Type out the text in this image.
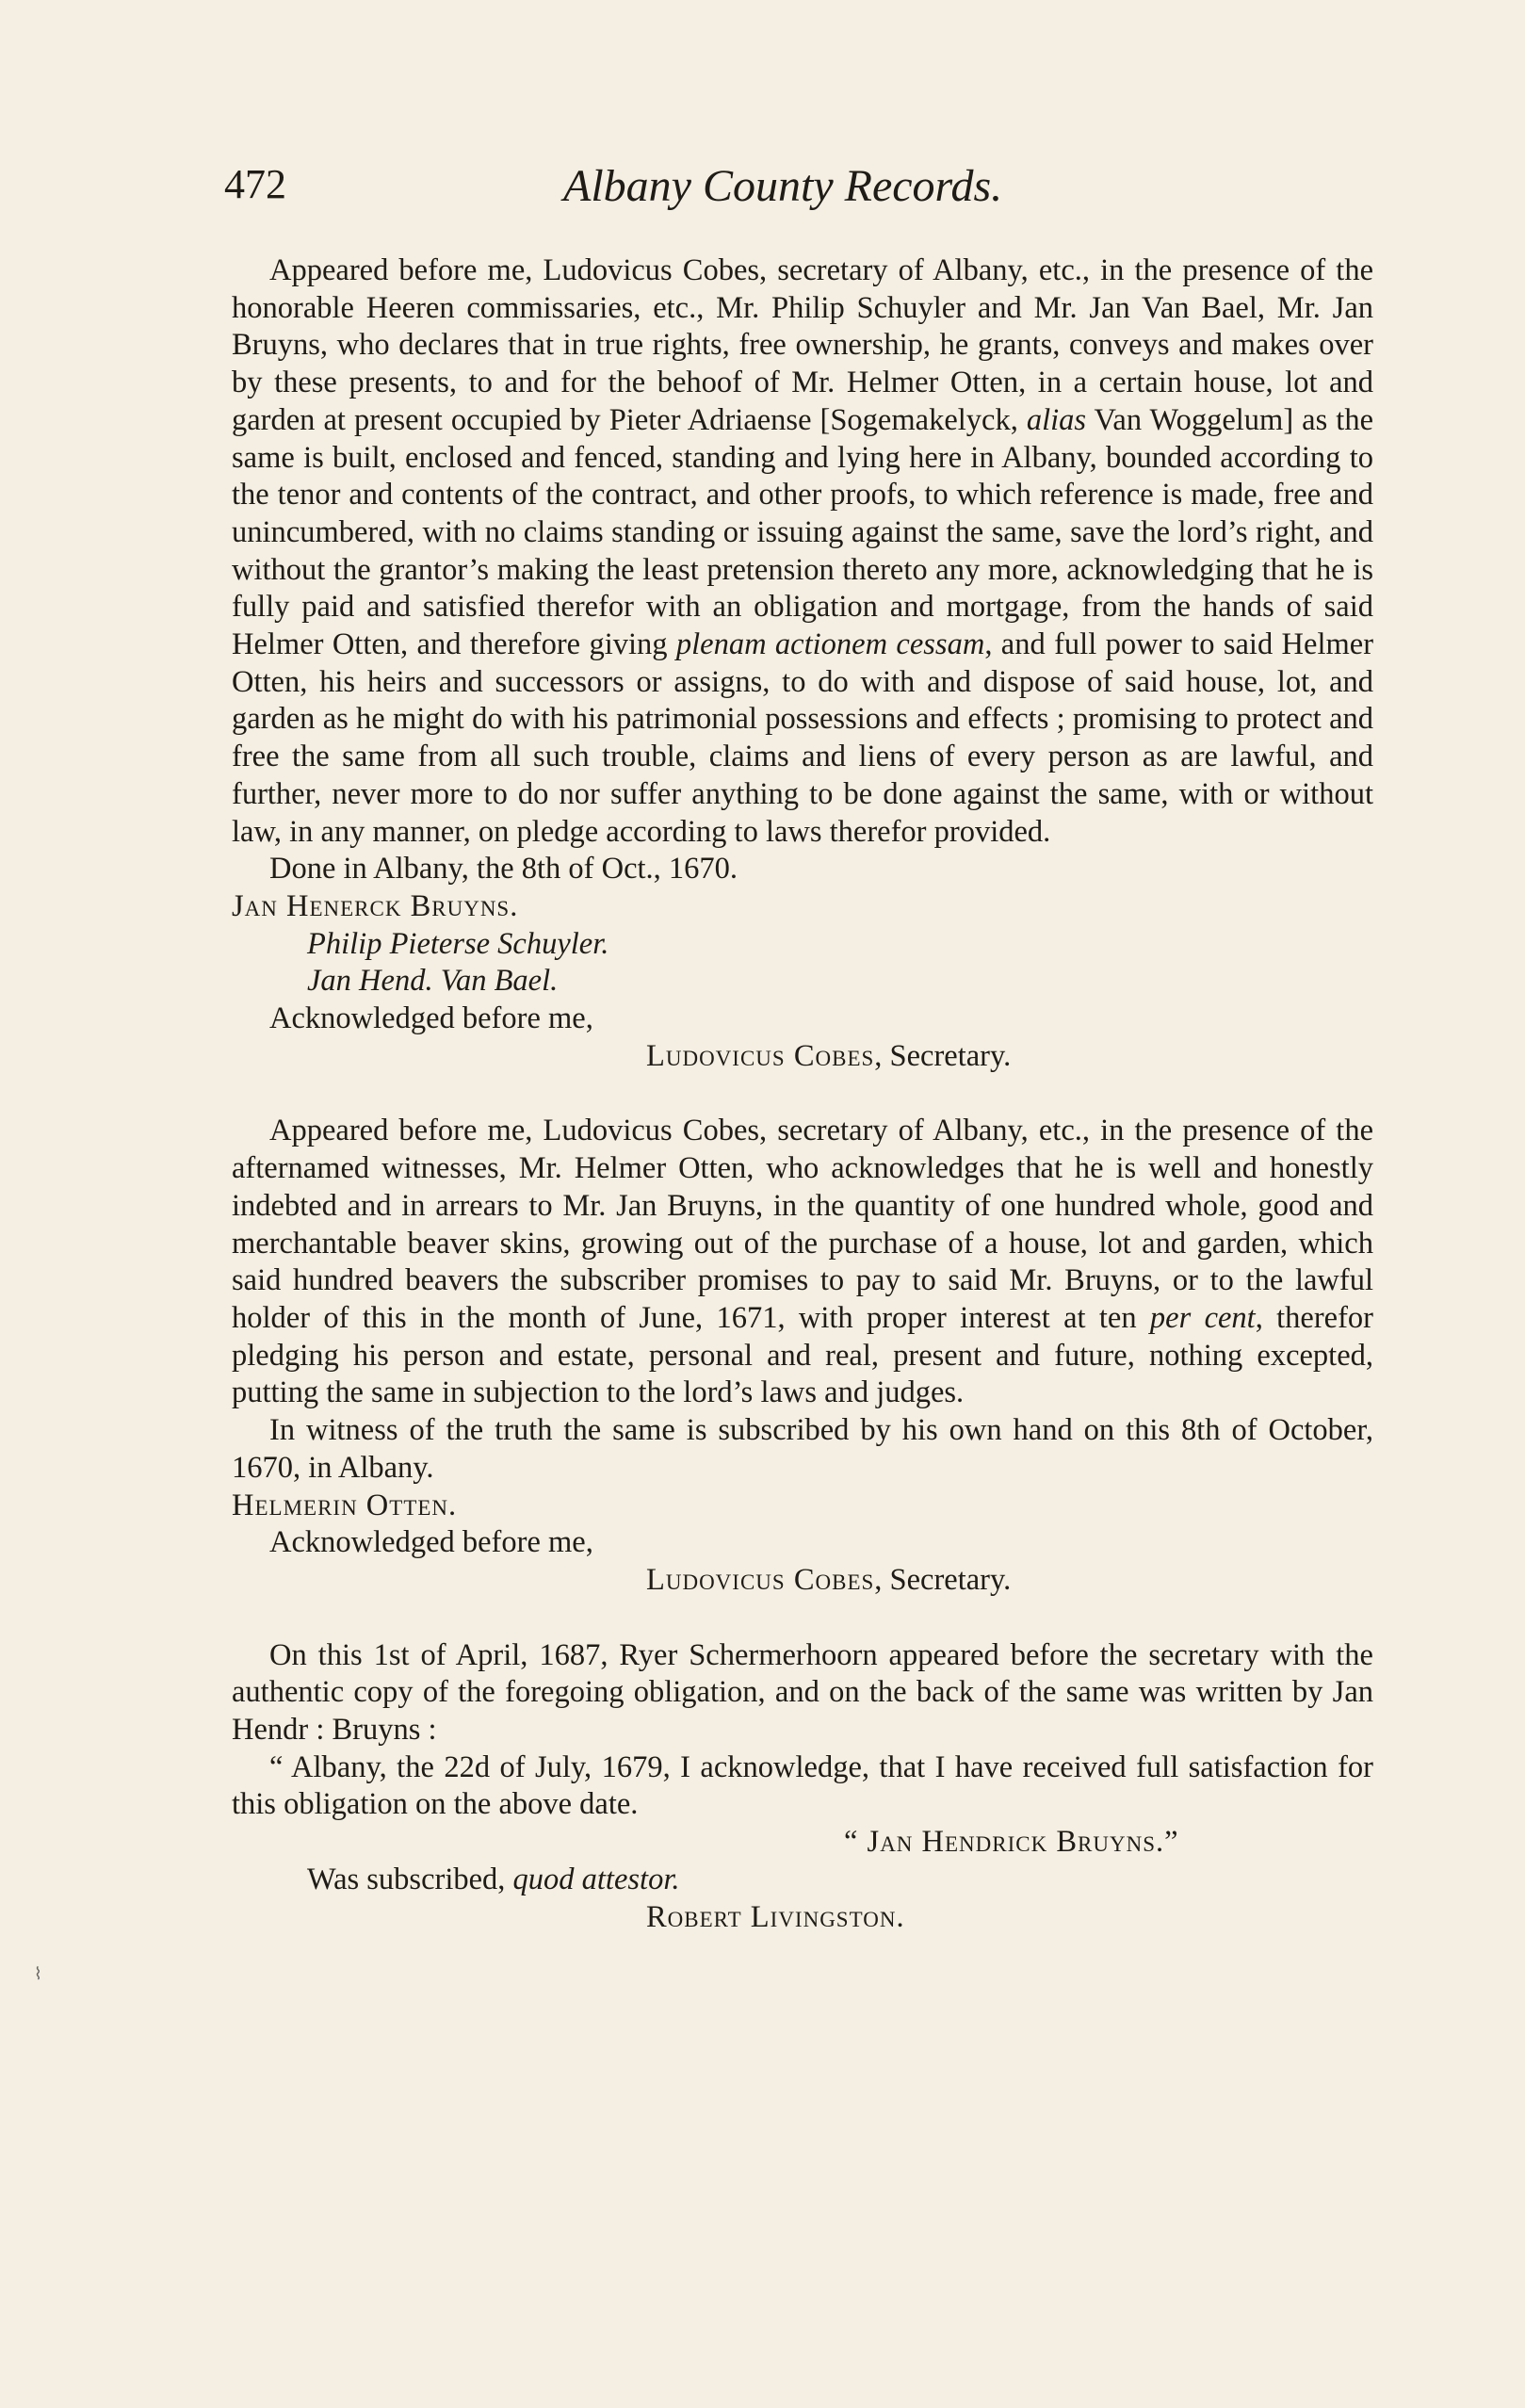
472	Albany County Records.
⌇

Appeared before me, Ludovicus Cobes, secretary of Albany, etc., in the presence of the honorable Heeren commissaries, etc., Mr. Philip Schuyler and Mr. Jan Van Bael, Mr. Jan Bruyns, who declares that in true rights, free ownership, he grants, conveys and makes over by these presents, to and for the behoof of Mr. Helmer Otten, in a certain house, lot and garden at present occupied by Pieter Adriaense [Sogemakelyck, alias Van Woggelum] as the same is built, enclosed and fenced, standing and lying here in Albany, bounded according to the tenor and contents of the contract, and other proofs, to which reference is made, free and unincumbered, with no claims standing or issuing against the same, save the lord’s right, and without the grantor’s making the least pretension thereto any more, acknowledging that he is fully paid and satisfied therefor with an obligation and mortgage, from the hands of said Helmer Otten, and therefore giving plenam actionem cessam, and full power to said Helmer Otten, his heirs and successors or assigns, to do with and dispose of said house, lot, and garden as he might do with his patrimonial possessions and effects ; promising to protect and free the same from all such trouble, claims and liens of every person as are lawful, and further, never more to do nor suffer anything to be done against the same, with or without law, in any manner, on pledge according to laws therefor provided.

Done in Albany, the 8th of Oct., 1670.

Jan Henerck Bruyns.

Philip Pieterse Schuyler.

Jan Hend. Van Bael.

Acknowledged before me,

Ludovicus Cobes, Secretary.

Appeared before me, Ludovicus Cobes, secretary of Albany, etc., in the presence of the afternamed witnesses, Mr. Helmer Otten, who acknowledges that he is well and honestly indebted and in arrears to Mr. Jan Bruyns, in the quantity of one hundred whole, good and merchantable beaver skins, growing out of the purchase of a house, lot and garden, which said hundred beavers the subscriber promises to pay to said Mr. Bruyns, or to the lawful holder of this in the month of June, 1671, with proper interest at ten per cent, therefor pledging his person and estate, personal and real, present and future, nothing excepted, putting the same in subjection to the lord’s laws and judges.

In witness of the truth the same is subscribed by his own hand on this 8th of October, 1670, in Albany.

Helmerin Otten.

Acknowledged before me,

Ludovicus Cobes, Secretary.

On this 1st of April, 1687, Ryer Schermerhoorn appeared before the secretary with the authentic copy of the foregoing obligation, and on the back of the same was written by Jan Hendr : Bruyns :

“ Albany, the 22d of July, 1679, I acknowledge, that I have received full satisfaction for this obligation on the above date.

“ Jan Hendrick Bruyns.”

Was subscribed, quod attestor.

Robert Livingston.
